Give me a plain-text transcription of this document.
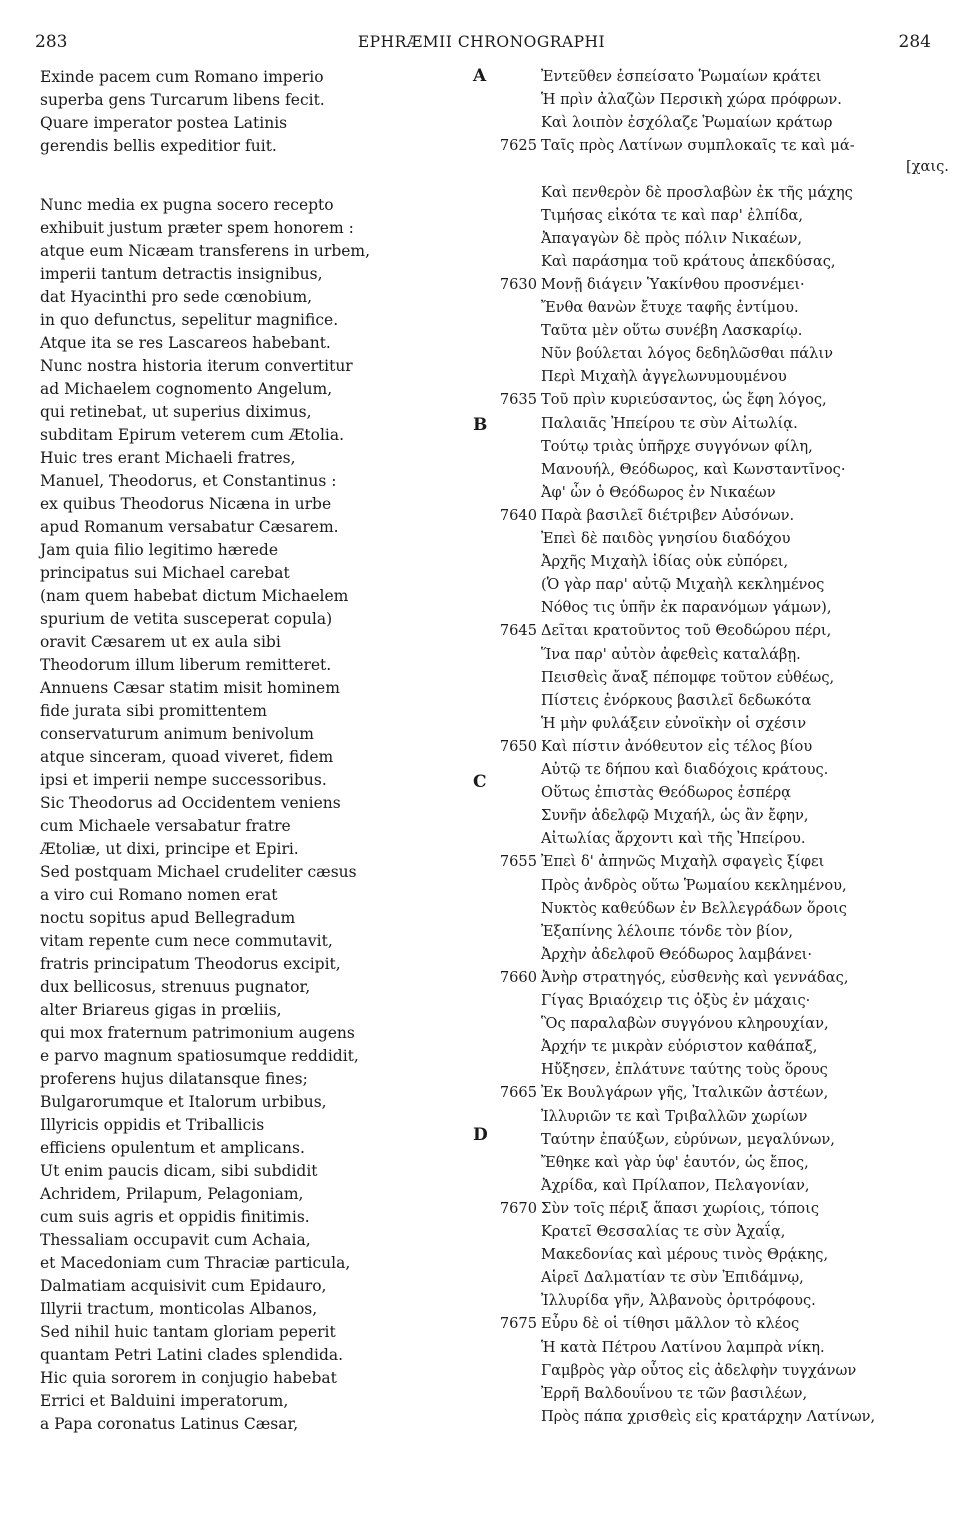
283	EPHRÆMII CHRONOGRAPHI	284
Exinde pacem cum Romano imperio
superba gens Turcarum libens fecit.
Quare imperator postea Latinis
gerendis bellis expeditior fuit.
Nunc media ex pugna socero recepto
exhibuit justum præter spem honorem :
atque eum Nicæam transferens in urbem,
imperii tantum detractis insignibus,
dat Hyacinthi pro sede cœnobium,
in quo defunctus, sepelitur magnifice.
Atque ita se res Lascareos habebant.
Nunc nostra historia iterum convertitur
ad Michaelem cognomento Angelum,
qui retinebat, ut superius diximus,
subditam Epirum veterem cum Ætolia.
Huic tres erant Michaeli fratres,
Manuel, Theodorus, et Constantinus :
ex quibus Theodorus Nicæna in urbe
apud Romanum versabatur Cæsarem.
Jam quia filio legitimo hærede
principatus sui Michael carebat
(nam quem habebat dictum Michaelem
spurium de vetita susceperat copula)
oravit Cæsarem ut ex aula sibi
Theodorum illum liberum remitteret.
Annuens Cæsar statim misit hominem
fide jurata sibi promittentem
conservaturum animum benivolum
atque sinceram, quoad viveret, fidem
ipsi et imperii nempe successoribus.
Sic Theodorus ad Occidentem veniens
cum Michaele versabatur fratre
Ætoliæ, ut dixi, principe et Epiri.
Sed postquam Michael crudeliter cæsus
a viro cui Romano nomen erat
noctu sopitus apud Bellegradum
vitam repente cum nece commutavit,
fratris principatum Theodorus excipit,
dux bellicosus, strenuus pugnator,
alter Briareus gigas in prœliis,
qui mox fraternum patrimonium augens
e parvo magnum spatiosumque reddidit,
proferens hujus dilatansque fines;
Bulgarorumque et Italorum urbibus,
Illyricis oppidis et Triballicis
efficiens opulentum et amplicans.
Ut enim paucis dicam, sibi subdidit
Achridem, Prilapum, Pelagoniam,
cum suis agris et oppidis finitimis.
Thessaliam occupavit cum Achaia,
et Macedoniam cum Thraciæ particula,
Dalmatiam acquisivit cum Epidauro,
Illyrii tractum, monticolas Albanos,
Sed nihil huic tantam gloriam peperit
quantam Petri Latini clades splendida.
Hic quia sororem in conjugio habebat
Errici et Balduini imperatorum,
a Papa coronatus Latinus Cæsar,
Ἐντεῦθεν ἐσπείσατο Ῥωμαίων κράτει
Ἡ πρὶν ἀλαζὼν Περσικὴ χώρα πρόφρων.
Καὶ λοιπὸν ἐσχόλαζε Ῥωμαίων κράτωρ
Ταῖς πρὸς Λατίνων συμπλοκαῖς τε καὶ μά-
7625
[χαις.
Καὶ πενθερὸν δὲ προσλαβὼν ἐκ τῆς μάχης
Τιμήσας εἰκότα τε καὶ παρ' ἐλπίδα,
Ἀπαγαγὼν δὲ πρὸς πόλιν Νικαέων,
Καὶ παράσημα τοῦ κράτους ἀπεκδύσας,
Μονῇ διάγειν Ὑακίνθου προσνέμει·
7630
Ἔνθα θανὼν ἔτυχε ταφῆς ἐντίμου.
Ταῦτα μὲν οὕτω συνέβη Λασκαρίῳ.
Νῦν βούλεται λόγος δεδηλῶσθαι πάλιν
Περὶ Μιχαὴλ ἀγγελωνυμουμένου
Τοῦ πρὶν κυριεύσαντος, ὡς ἔφη λόγος,
7635
Παλαιᾶς Ἠπείρου τε σὺν Αἰτωλίᾳ.
Τούτῳ τριὰς ὑπῆρχε συγγόνων φίλη,
Μανουήλ, Θεόδωρος, καὶ Κωνσταντῖνος·
Ἀφ' ὧν ὁ Θεόδωρος ἐν Νικαέων
Παρὰ βασιλεῖ διέτριβεν Αὐσόνων.
7640
Ἐπεὶ δὲ παιδὸς γνησίου διαδόχου
Ἀρχῆς Μιχαὴλ ἰδίας οὐκ εὐπόρει,
(Ὁ γὰρ παρ' αὐτῷ Μιχαὴλ κεκλημένος
Νόθος τις ὑπῆν ἐκ παρανόμων γάμων),
Δεῖται κρατοῦντος τοῦ Θεοδώρου πέρι,
7645
Ἵνα παρ' αὐτὸν ἀφεθεὶς καταλάβῃ.
Πεισθεὶς ἄναξ πέπομφε τοῦτον εὐθέως,
Πίστεις ἐνόρκους βασιλεῖ δεδωκότα
Ἡ μὴν φυλάξειν εὐνοϊκὴν οἱ σχέσιν
Καὶ πίστιν ἀνόθευτον εἰς τέλος βίου
7650
Αὐτῷ τε δήπου καὶ διαδόχοις κράτους.
Οὕτως ἐπιστὰς Θεόδωρος ἑσπέρᾳ
Συνῆν ἀδελφῷ Μιχαήλ, ὡς ἂν ἔφην,
Αἰτωλίας ἄρχοντι καὶ τῆς Ἠπείρου.
Ἐπεὶ δ' ἀπηνῶς Μιχαὴλ σφαγεὶς ξίφει
7655
Πρὸς ἀνδρὸς οὕτω Ῥωμαίου κεκλημένου,
Νυκτὸς καθεύδων ἐν Βελλεγράδων ὅροις
Ἐξαπίνης λέλοιπε τόνδε τὸν βίον,
Ἀρχὴν ἀδελφοῦ Θεόδωρος λαμβάνει·
Ἀνὴρ στρατηγός, εὐσθενὴς καὶ γεννάδας,
7660
Γίγας Βριαόχειρ τις ὀξὺς ἐν μάχαις·
Ὃς παραλαβὼν συγγόνου κληρουχίαν,
Ἀρχήν τε μικρὰν εὐόριστον καθάπαξ,
Ηὔξησεν, ἐπλάτυνε ταύτης τοὺς ὅρους
Ἐκ Βουλγάρων γῆς, Ἰταλικῶν ἀστέων,
7665
Ἰλλυριῶν τε καὶ Τριβαλλῶν χωρίων
Ταύτην ἐπαύξων, εὐρύνων, μεγαλύνων,
Ἔθηκε καὶ γὰρ ὑφ' ἑαυτόν, ὡς ἔπος,
Ἀχρίδα, καὶ Πρίλαπον, Πελαγονίαν,
Σὺν τοῖς πέριξ ἅπασι χωρίοις, τόποις
7670
Κρατεῖ Θεσσαλίας τε σὺν Ἀχαΐᾳ,
Μακεδονίας καὶ μέρους τινὸς Θρᾴκης,
Αἱρεῖ Δαλματίαν τε σὺν Ἐπιδάμνῳ,
Ἰλλυρίδα γῆν, Ἀλβανοὺς ὀριτρόφους.
Εὖρυ δὲ οἱ τίθησι μᾶλλον τὸ κλέος
7675
Ἡ κατὰ Πέτρου Λατίνου λαμπρὰ νίκη.
Γαμβρὸς γὰρ οὗτος εἰς ἀδελφὴν τυγχάνων
Ἐρρῆ Βαλδουΐνου τε τῶν βασιλέων,
Πρὸς πάπα χρισθεὶς εἰς κρατάρχην Λατίνων,
A
B
C
D
